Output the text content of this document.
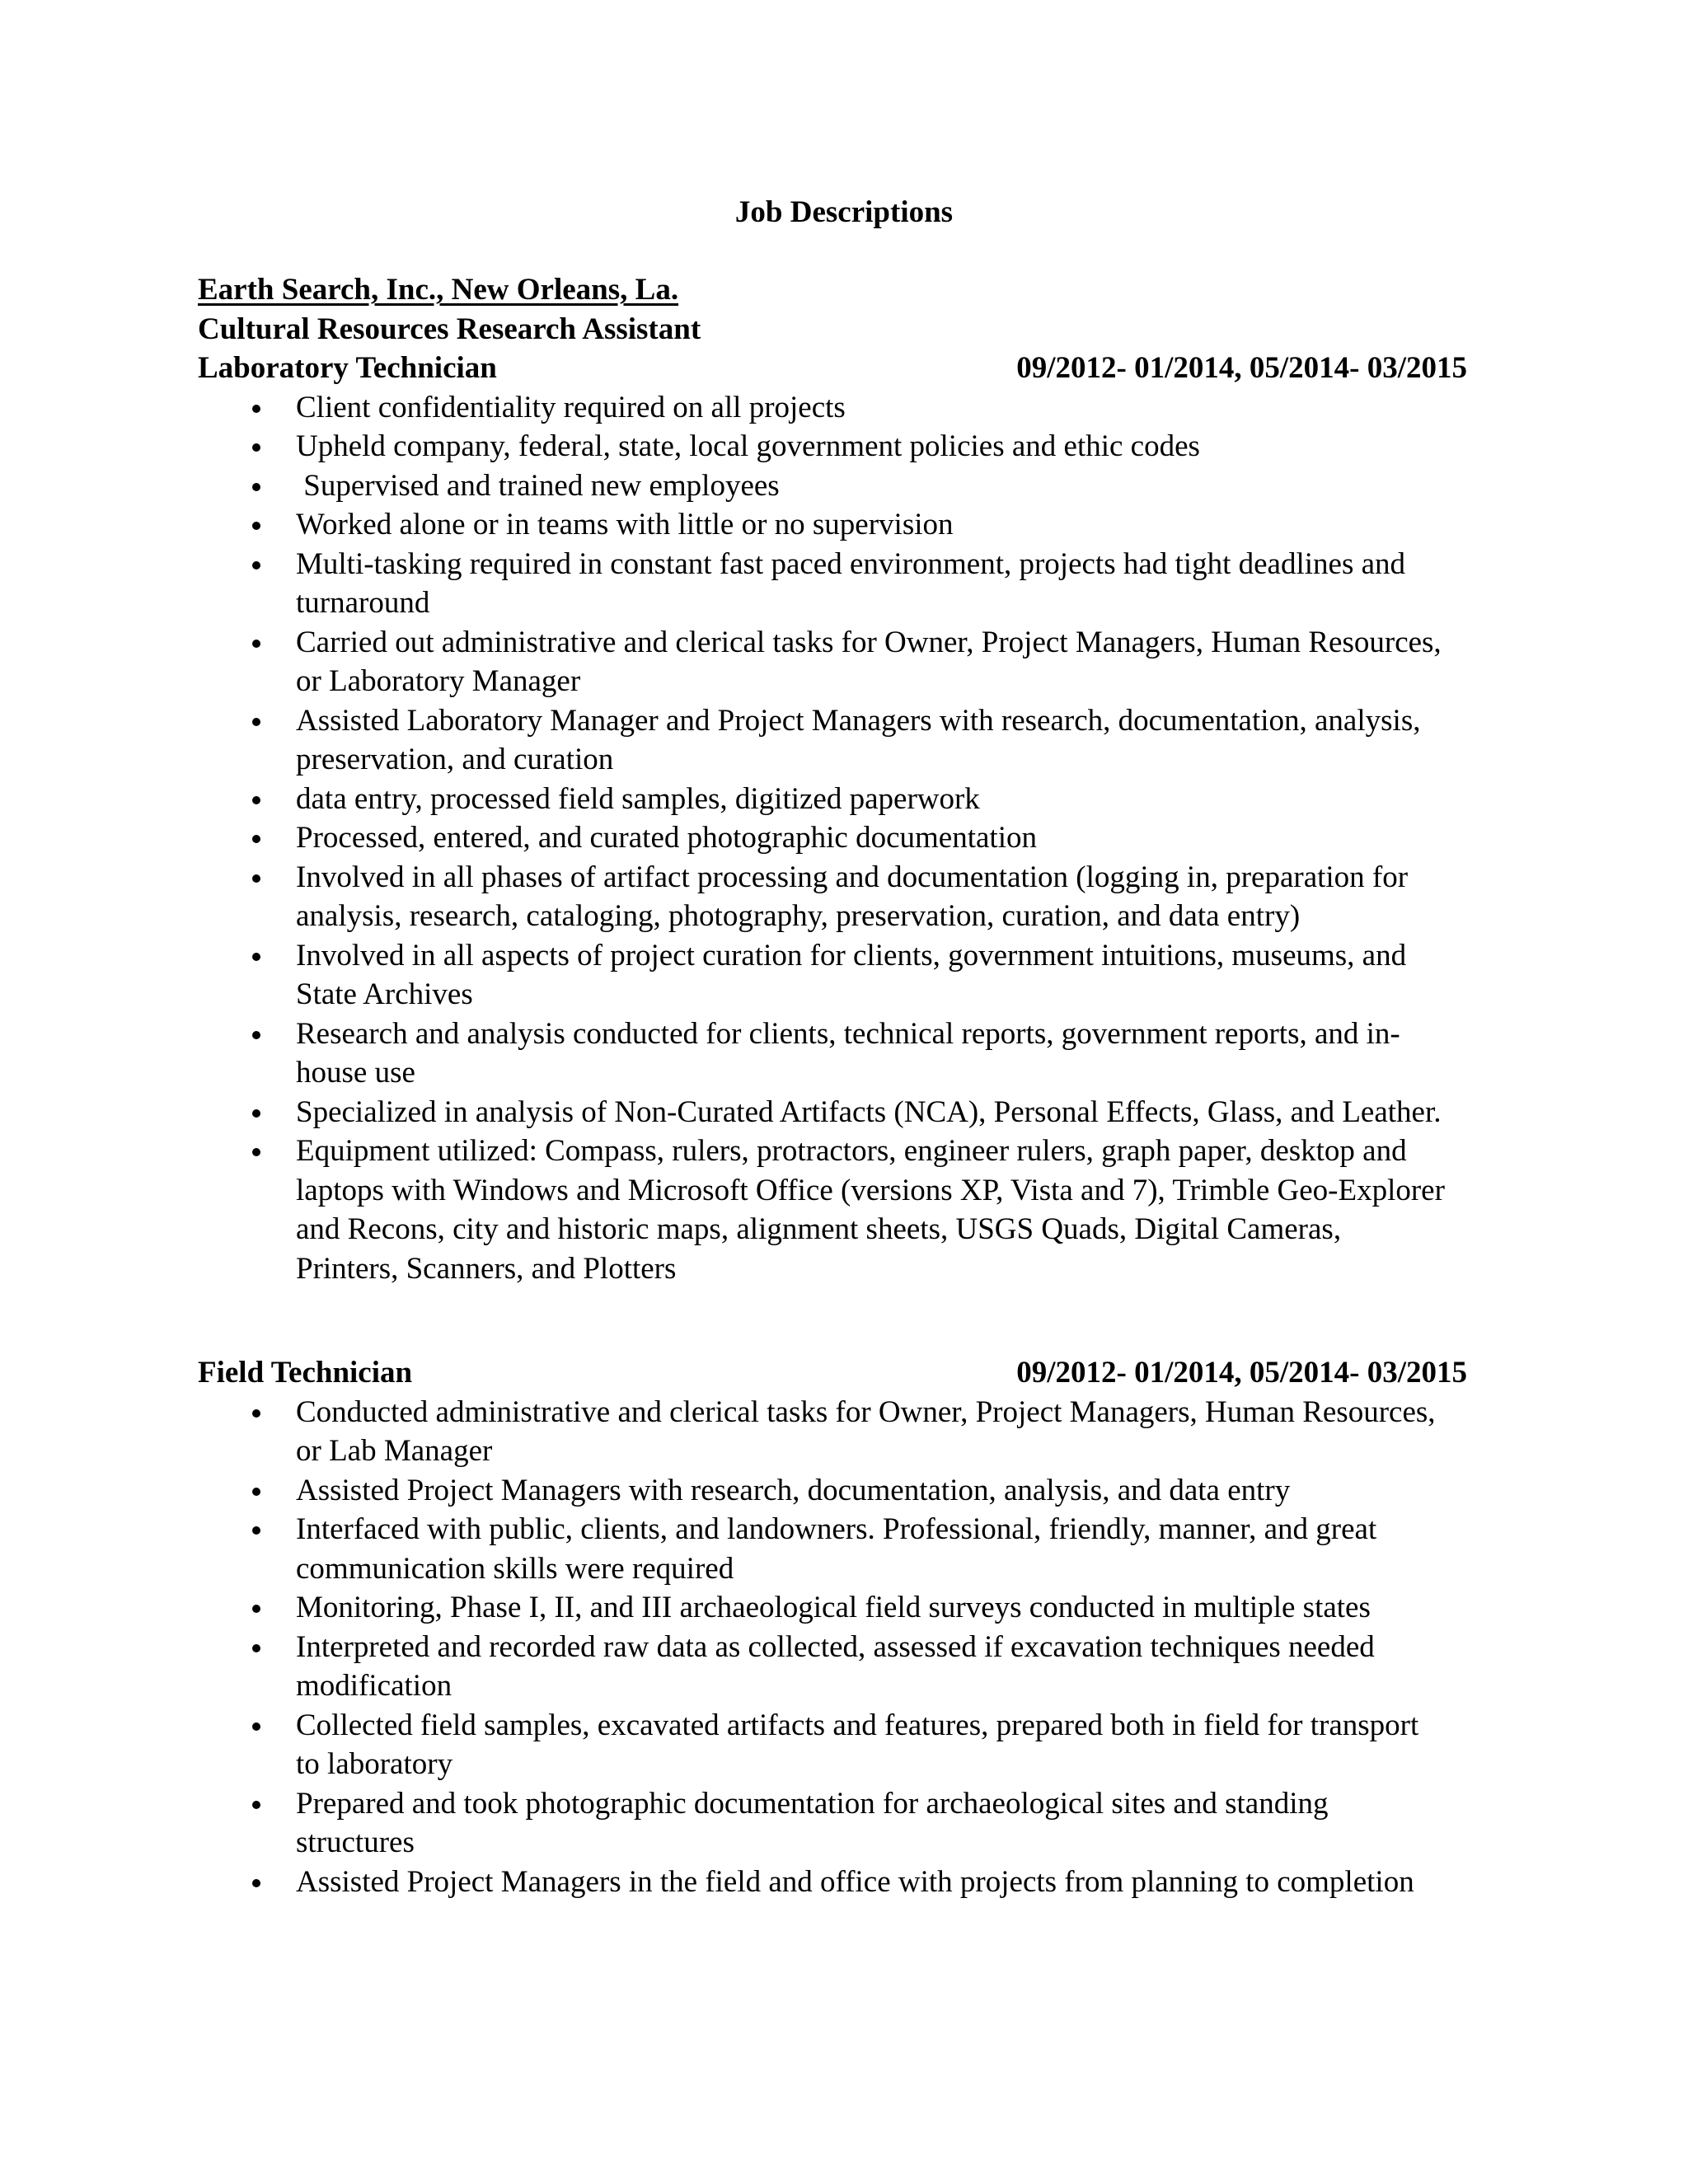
Job Descriptions
Earth Search, Inc., New Orleans, La.
Cultural Resources Research Assistant
Laboratory Technician	09/2012- 01/2014, 05/2014- 03/2015
Client confidentiality required on all projects
Upheld company, federal, state, local government policies and ethic codes
Supervised and trained new employees
Worked alone or in teams with little or no supervision
Multi-tasking required in constant fast paced environment, projects had tight deadlines and turnaround
Carried out administrative and clerical tasks for Owner, Project Managers, Human Resources, or Laboratory Manager
Assisted Laboratory Manager and Project Managers with research, documentation, analysis, preservation, and curation
data entry, processed field samples, digitized paperwork
Processed, entered, and curated photographic documentation
Involved in all phases of artifact processing and documentation (logging in, preparation for analysis, research, cataloging, photography, preservation, curation, and data entry)
Involved in all aspects of project curation for clients, government intuitions, museums, and State Archives
Research and analysis conducted for clients, technical reports, government reports, and in-house use
Specialized in analysis of Non-Curated Artifacts (NCA), Personal Effects, Glass, and Leather.
Equipment utilized: Compass, rulers, protractors, engineer rulers, graph paper, desktop and laptops with Windows and Microsoft Office (versions XP, Vista and 7), Trimble Geo-Explorer and Recons, city and historic maps, alignment sheets, USGS Quads, Digital Cameras, Printers, Scanners, and Plotters
Field Technician	09/2012- 01/2014, 05/2014- 03/2015
Conducted administrative and clerical tasks for Owner, Project Managers, Human Resources, or Lab Manager
Assisted Project Managers with research, documentation, analysis, and data entry
Interfaced with public, clients, and landowners. Professional, friendly, manner, and great communication skills were required
Monitoring, Phase I, II, and III archaeological field surveys conducted in multiple states
Interpreted and recorded raw data as collected, assessed if excavation techniques needed modification
Collected field samples, excavated artifacts and features, prepared both in field for transport to laboratory
Prepared and took photographic documentation for archaeological sites and standing structures
Assisted Project Managers in the field and office with projects from planning to completion
